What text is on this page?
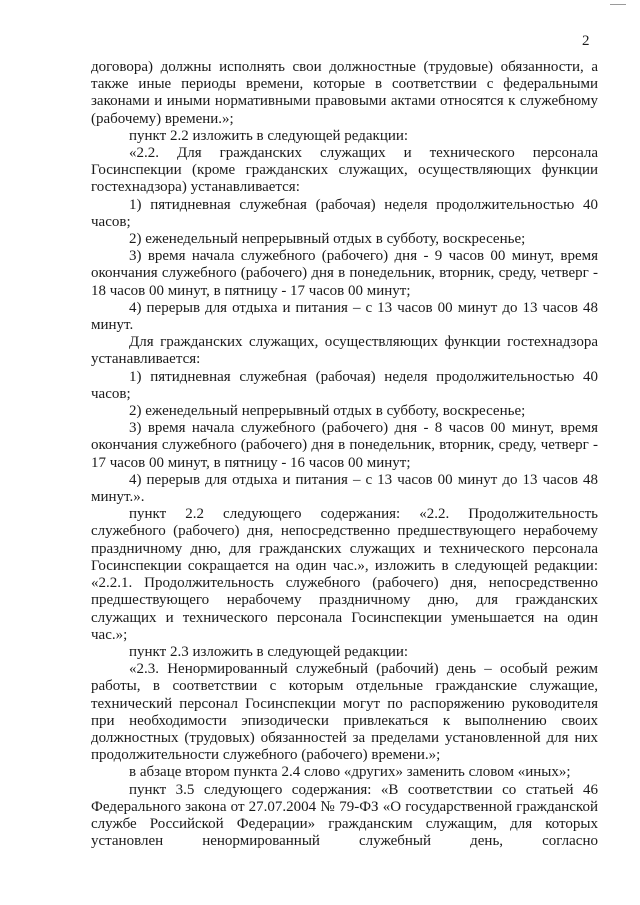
2

договора) должны исполнять свои должностные (трудовые) обязанности, а также иные периоды времени, которые в соответствии с федеральными законами и иными нормативными правовыми актами относятся к служебному (рабочему) времени.»;

пункт 2.2 изложить в следующей редакции:

«2.2. Для гражданских служащих и технического персонала Госинспекции (кроме гражданских служащих, осуществляющих функции гостехнадзора) устанавливается:

1) пятидневная служебная (рабочая) неделя продолжительностью 40 часов;

2) еженедельный непрерывный отдых в субботу, воскресенье;

3) время начала служебного (рабочего) дня - 9 часов 00 минут, время окончания служебного (рабочего) дня в понедельник, вторник, среду, четверг - 18 часов 00 минут, в пятницу - 17 часов 00 минут;

4) перерыв для отдыха и питания – с 13 часов 00 минут до 13 часов 48 минут.

Для гражданских служащих, осуществляющих функции гостехнадзора устанавливается:

1) пятидневная служебная (рабочая) неделя продолжительностью 40 часов;

2) еженедельный непрерывный отдых в субботу, воскресенье;

3) время начала служебного (рабочего) дня - 8 часов 00 минут, время окончания служебного (рабочего) дня в понедельник, вторник, среду, четверг - 17 часов 00 минут, в пятницу - 16 часов 00 минут;

4) перерыв для отдыха и питания – с 13 часов 00 минут до 13 часов 48 минут.».

пункт 2.2 следующего содержания: «2.2. Продолжительность служебного (рабочего) дня, непосредственно предшествующего нерабочему праздничному дню, для гражданских служащих и технического персонала Госинспекции сокращается на один час.», изложить в следующей редакции: «2.2.1. Продолжительность служебного (рабочего) дня, непосредственно предшествующего нерабочему праздничному дню, для гражданских служащих и технического персонала Госинспекции уменьшается на один час.»;

пункт 2.3 изложить в следующей редакции:

«2.3. Ненормированный служебный (рабочий) день – особый режим работы, в соответствии с которым отдельные гражданские служащие, технический персонал Госинспекции могут по распоряжению руководителя при необходимости эпизодически привлекаться к выполнению своих должностных (трудовых) обязанностей за пределами установленной для них продолжительности служебного (рабочего) времени.»;

в абзаце втором пункта 2.4 слово «других» заменить словом «иных»;

пункт 3.5 следующего содержания: «В соответствии со статьей 46 Федерального закона от 27.07.2004 № 79-ФЗ «О государственной гражданской службе Российской Федерации» гражданским служащим, для которых установлен ненормированный служебный день, согласно
